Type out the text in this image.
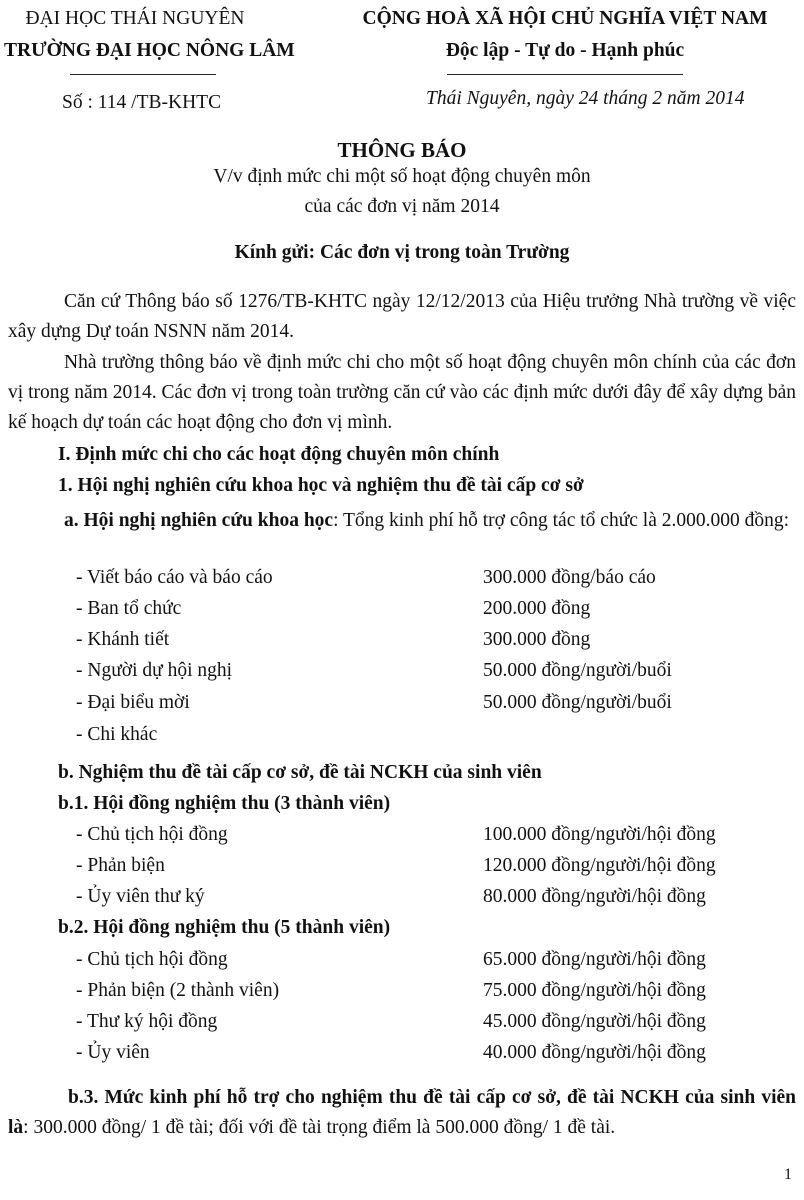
ĐẠI HỌC THÁI NGUYÊN
TRƯỜNG ĐẠI HỌC NÔNG LÂM
CỘNG HOÀ XÃ HỘI CHỦ NGHĨA VIỆT NAM
Độc lập - Tự do - Hạnh phúc
Số : 114 /TB-KHTC	Thái Nguyên, ngày 24 tháng 2 năm 2014
THÔNG BÁO
V/v định mức chi một số hoạt động chuyên môn
của các đơn vị năm 2014
Kính gửi: Các đơn vị trong toàn Trường
Căn cứ Thông báo số 1276/TB-KHTC ngày 12/12/2013 của Hiệu trưởng Nhà trường về việc xây dựng Dự toán NSNN năm 2014.
Nhà trường thông báo về định mức chi cho một số hoạt động chuyên môn chính của các đơn vị trong năm 2014. Các đơn vị trong toàn trường căn cứ vào các định mức dưới đây để xây dựng bản kế hoạch dự toán các hoạt động cho đơn vị mình.
I. Định mức chi cho các hoạt động chuyên môn chính
1. Hội nghị nghiên cứu khoa học và nghiệm thu đề tài cấp cơ sở
a. Hội nghị nghiên cứu khoa học: Tổng kinh phí hỗ trợ công tác tổ chức là 2.000.000 đồng:
- Viết báo cáo và báo cáo	300.000 đồng/báo cáo
- Ban tổ chức	200.000 đồng
- Khánh tiết	300.000 đồng
- Người dự hội nghị	50.000 đồng/người/buổi
- Đại biểu mời	50.000 đồng/người/buổi
- Chi khác
b. Nghiệm thu đề tài cấp cơ sở, đề tài NCKH của sinh viên
b.1. Hội đồng nghiệm thu (3 thành viên)
- Chủ tịch hội đồng	100.000 đồng/người/hội đồng
- Phản biện	120.000 đồng/người/hội đồng
- Ủy viên thư ký	80.000 đồng/người/hội đồng
b.2. Hội đồng nghiệm thu (5 thành viên)
- Chủ tịch hội đồng	65.000 đồng/người/hội đồng
- Phản biện (2 thành viên)	75.000 đồng/người/hội đồng
- Thư ký hội đồng	45.000 đồng/người/hội đồng
- Ủy viên	40.000 đồng/người/hội đồng
b.3. Mức kinh phí hỗ trợ cho nghiệm thu đề tài cấp cơ sở, đề tài NCKH của sinh viên là: 300.000 đồng/ 1 đề tài; đối với đề tài trọng điểm là 500.000 đồng/ 1 đề tài.
1
